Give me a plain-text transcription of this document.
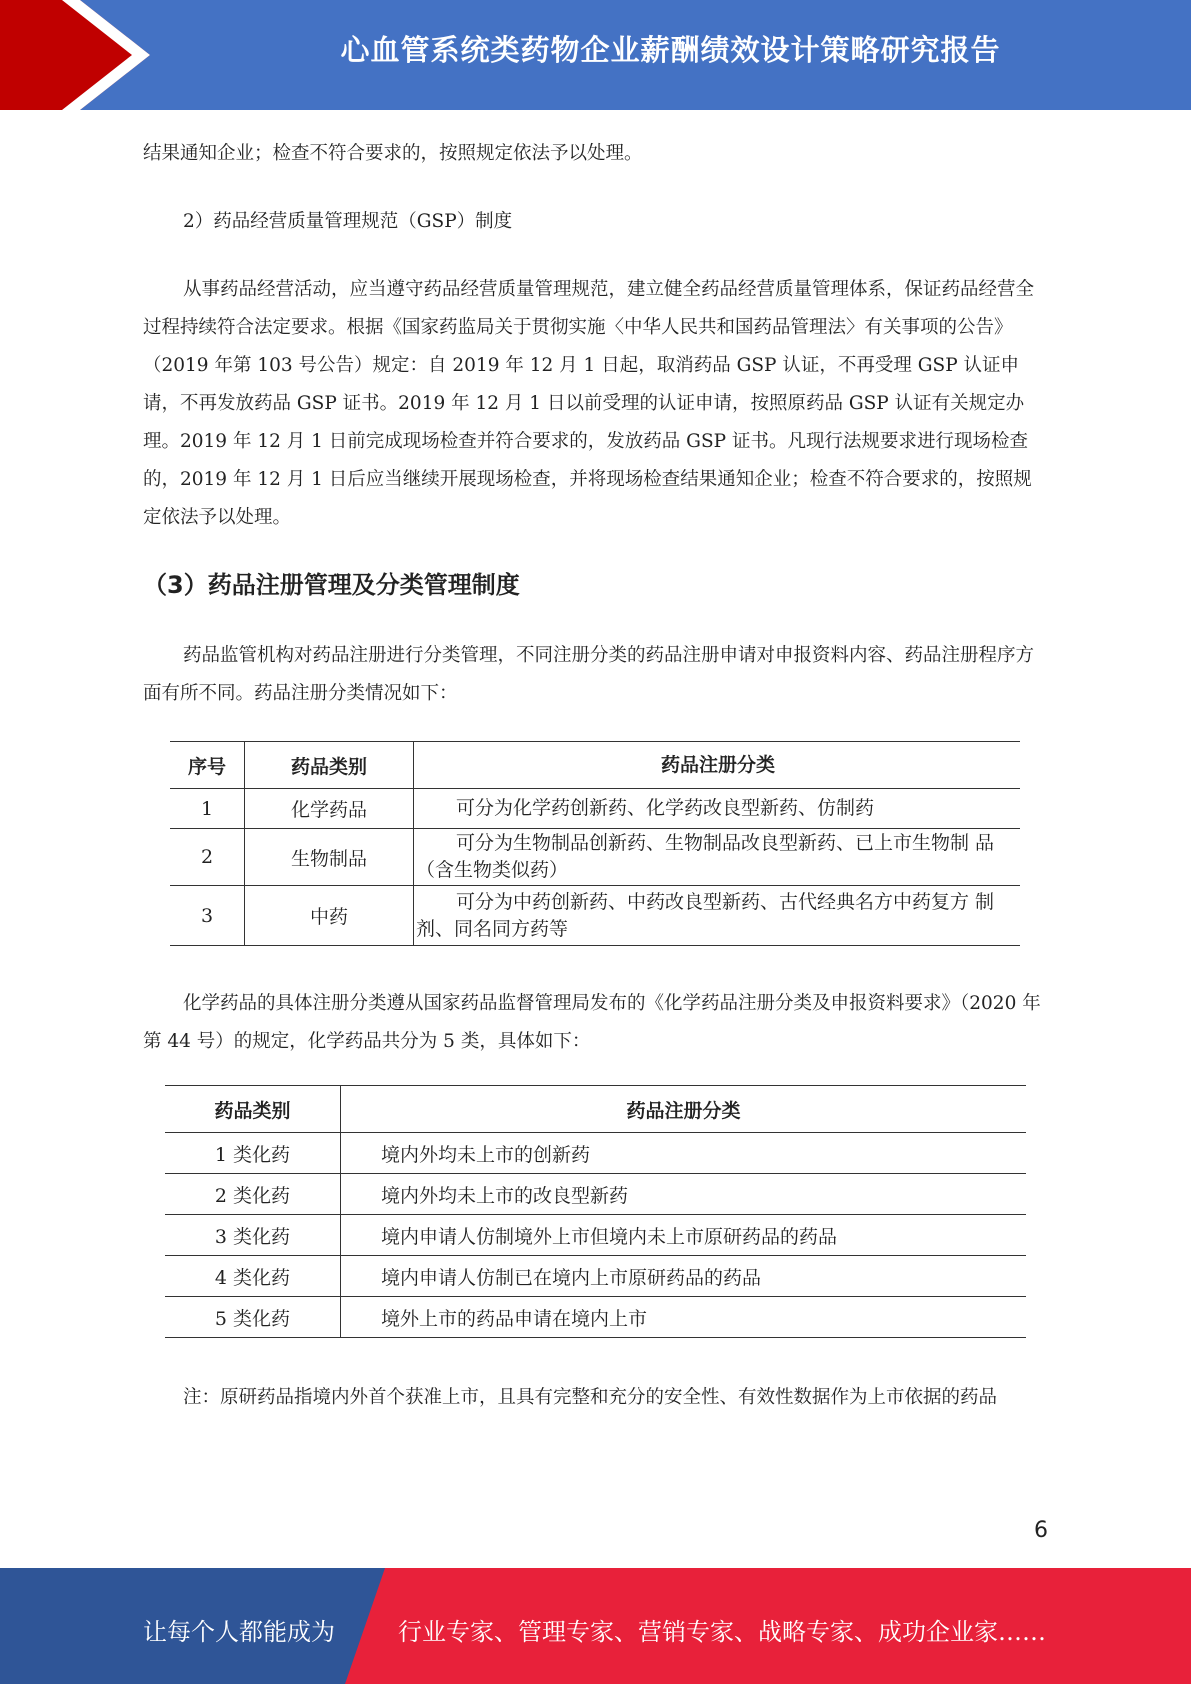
心血管系统类药物企业薪酬绩效设计策略研究报告

结果通知企业；检查不符合要求的，按照规定依法予以处理。

2）药品经营质量管理规范（GSP）制度

从事药品经营活动，应当遵守药品经营质量管理规范，建立健全药品经营质量管理体系，保证药品经营全过程持续符合法定要求。根据《国家药监局关于贯彻实施〈中华人民共和国药品管理法〉有关事项的公告》（2019 年第 103 号公告）规定：自 2019 年 12 月 1 日起，取消药品 GSP 认证，不再受理 GSP 认证申请，不再发放药品 GSP 证书。2019 年 12 月 1 日以前受理的认证申请，按照原药品 GSP 认证有关规定办理。2019 年 12 月 1 日前完成现场检查并符合要求的，发放药品 GSP 证书。凡现行法规要求进行现场检查的，2019 年 12 月 1 日后应当继续开展现场检查，并将现场检查结果通知企业；检查不符合要求的，按照规定依法予以处理。

（3）药品注册管理及分类管理制度

药品监管机构对药品注册进行分类管理，不同注册分类的药品注册申请对申报资料内容、药品注册程序方面有所不同。药品注册分类情况如下：

序号	药品类别	药品注册分类
1	化学药品	可分为化学药创新药、化学药改良型新药、仿制药
2	生物制品	可分为生物制品创新药、生物制品改良型新药、已上市生物制 品（含生物类似药）
3	中药	可分为中药创新药、中药改良型新药、古代经典名方中药复方 制剂、同名同方药等

化学药品的具体注册分类遵从国家药品监督管理局发布的《化学药品注册分类及申报资料要求》（2020 年第 44 号）的规定，化学药品共分为 5 类，具体如下：

药品类别	药品注册分类
1 类化药	境内外均未上市的创新药
2 类化药	境内外均未上市的改良型新药
3 类化药	境内申请人仿制境外上市但境内未上市原研药品的药品
4 类化药	境内申请人仿制已在境内上市原研药品的药品
5 类化药	境外上市的药品申请在境内上市

注：原研药品指境内外首个获准上市，且具有完整和充分的安全性、有效性数据作为上市依据的药品

6
让每个人都能成为	行业专家、管理专家、营销专家、战略专家、成功企业家……
